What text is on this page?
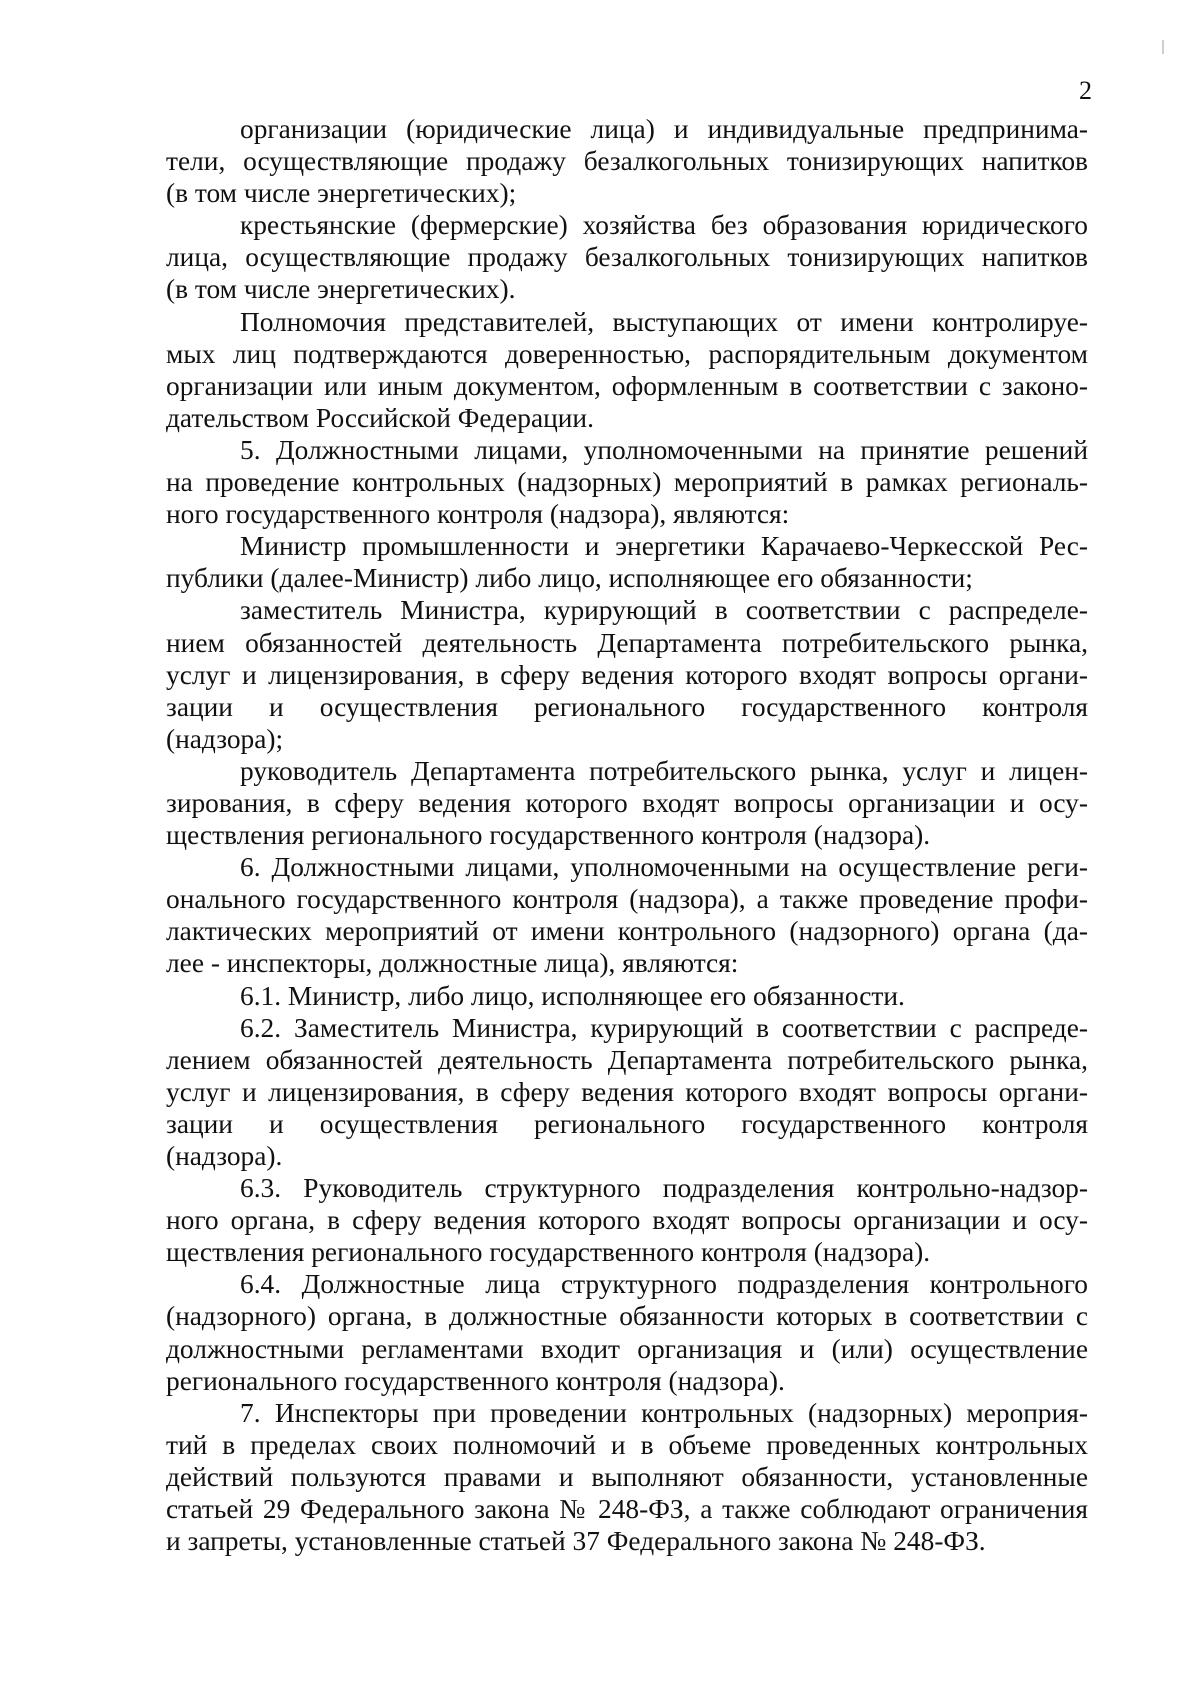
2
организации (юридические лица) и индивидуальные предпринима-
тели, осуществляющие продажу безалкогольных тонизирующих напитков
(в том числе энергетических);
крестьянские (фермерские) хозяйства без образования юридического
лица, осуществляющие продажу безалкогольных тонизирующих напитков
(в том числе энергетических).
Полномочия представителей, выступающих от имени контролируе-
мых лиц подтверждаются доверенностью, распорядительным документом
организации или иным документом, оформленным в соответствии с законо-
дательством Российской Федерации.
5. Должностными лицами, уполномоченными на принятие решений
на проведение контрольных (надзорных) мероприятий в рамках региональ-
ного государственного контроля (надзора), являются:
Министр промышленности и энергетики Карачаево-Черкесской Рес-
публики (далее-Министр) либо лицо, исполняющее его обязанности;
заместитель Министра, курирующий в соответствии с распределе-
нием обязанностей деятельность Департамента потребительского рынка,
услуг и лицензирования, в сферу ведения которого входят вопросы органи-
зации и осуществления регионального государственного контроля
(надзора);
руководитель Департамента потребительского рынка, услуг и лицен-
зирования, в сферу ведения которого входят вопросы организации и осу-
ществления регионального государственного контроля (надзора).
6. Должностными лицами, уполномоченными на осуществление реги-
онального государственного контроля (надзора), а также проведение профи-
лактических мероприятий от имени контрольного (надзорного) органа (да-
лее - инспекторы, должностные лица), являются:
6.1. Министр, либо лицо, исполняющее его обязанности.
6.2. Заместитель Министра, курирующий в соответствии с распреде-
лением обязанностей деятельность Департамента потребительского рынка,
услуг и лицензирования, в сферу ведения которого входят вопросы органи-
зации и осуществления регионального государственного контроля
(надзора).
6.3. Руководитель структурного подразделения контрольно-надзор-
ного органа, в сферу ведения которого входят вопросы организации и осу-
ществления регионального государственного контроля (надзора).
6.4. Должностные лица структурного подразделения контрольного
(надзорного) органа, в должностные обязанности которых в соответствии с
должностными регламентами входит организация и (или) осуществление
регионального государственного контроля (надзора).
7. Инспекторы при проведении контрольных (надзорных) мероприя-
тий в пределах своих полномочий и в объеме проведенных контрольных
действий пользуются правами и выполняют обязанности, установленные
статьей 29 Федерального закона № 248-ФЗ, а также соблюдают ограничения
и запреты, установленные статьей 37 Федерального закона № 248-ФЗ.
